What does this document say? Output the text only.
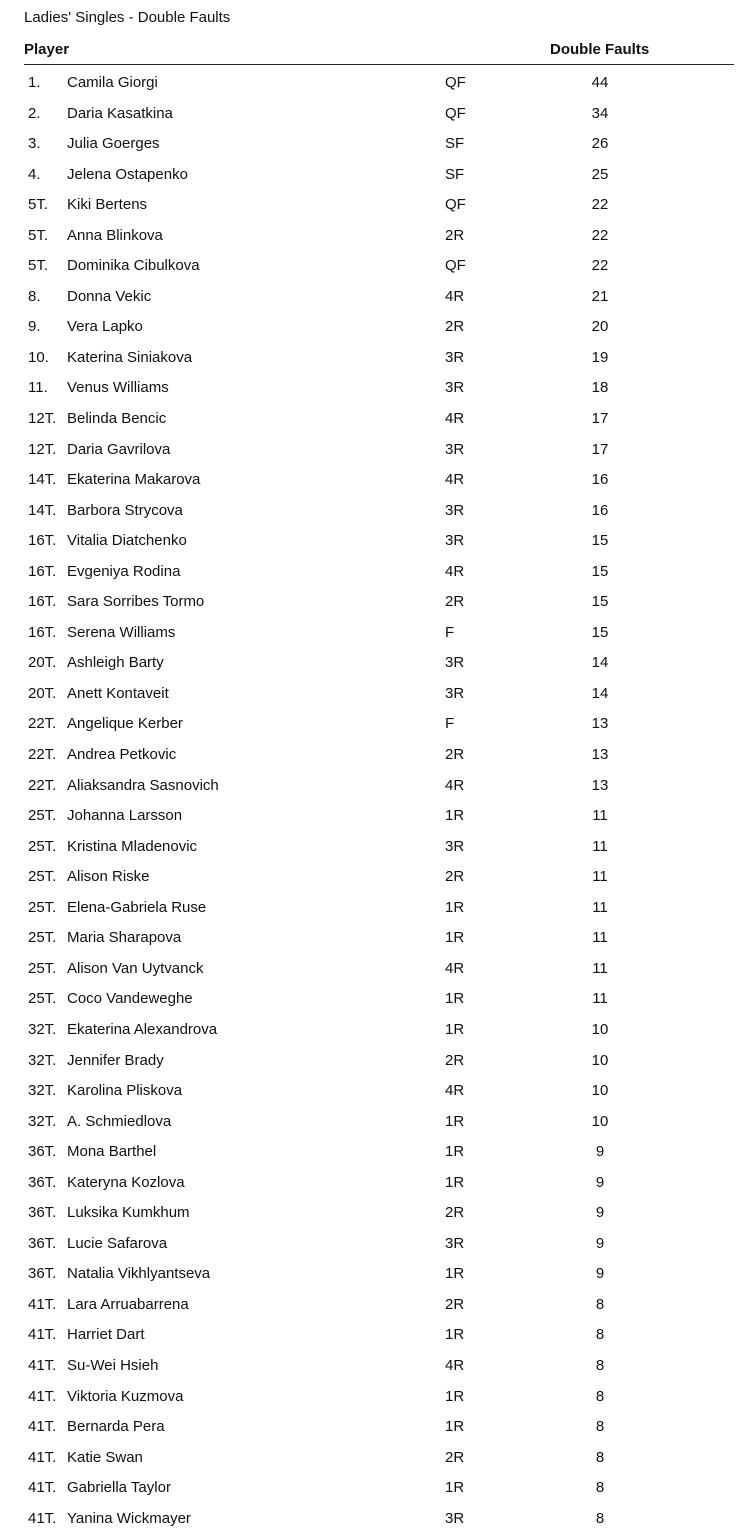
Ladies' Singles - Double Faults
Player	Double Faults
1. Camila Giorgi	QF	44
2. Daria Kasatkina	QF	34
3. Julia Goerges	SF	26
4. Jelena Ostapenko	SF	25
5T. Kiki Bertens	QF	22
5T. Anna Blinkova	2R	22
5T. Dominika Cibulkova	QF	22
8. Donna Vekic	4R	21
9. Vera Lapko	2R	20
10. Katerina Siniakova	3R	19
11. Venus Williams	3R	18
12T. Belinda Bencic	4R	17
12T. Daria Gavrilova	3R	17
14T. Ekaterina Makarova	4R	16
14T. Barbora Strycova	3R	16
16T. Vitalia Diatchenko	3R	15
16T. Evgeniya Rodina	4R	15
16T. Sara Sorribes Tormo	2R	15
16T. Serena Williams	F	15
20T. Ashleigh Barty	3R	14
20T. Anett Kontaveit	3R	14
22T. Angelique Kerber	F	13
22T. Andrea Petkovic	2R	13
22T. Aliaksandra Sasnovich	4R	13
25T. Johanna Larsson	1R	11
25T. Kristina Mladenovic	3R	11
25T. Alison Riske	2R	11
25T. Elena-Gabriela Ruse	1R	11
25T. Maria Sharapova	1R	11
25T. Alison Van Uytvanck	4R	11
25T. Coco Vandeweghe	1R	11
32T. Ekaterina Alexandrova	1R	10
32T. Jennifer Brady	2R	10
32T. Karolina Pliskova	4R	10
32T. A. Schmiedlova	1R	10
36T. Mona Barthel	1R	9
36T. Kateryna Kozlova	1R	9
36T. Luksika Kumkhum	2R	9
36T. Lucie Safarova	3R	9
36T. Natalia Vikhlyantseva	1R	9
41T. Lara Arruabarrena	2R	8
41T. Harriet Dart	1R	8
41T. Su-Wei Hsieh	4R	8
41T. Viktoria Kuzmova	1R	8
41T. Bernarda Pera	1R	8
41T. Katie Swan	2R	8
41T. Gabriella Taylor	1R	8
41T. Yanina Wickmayer	3R	8
